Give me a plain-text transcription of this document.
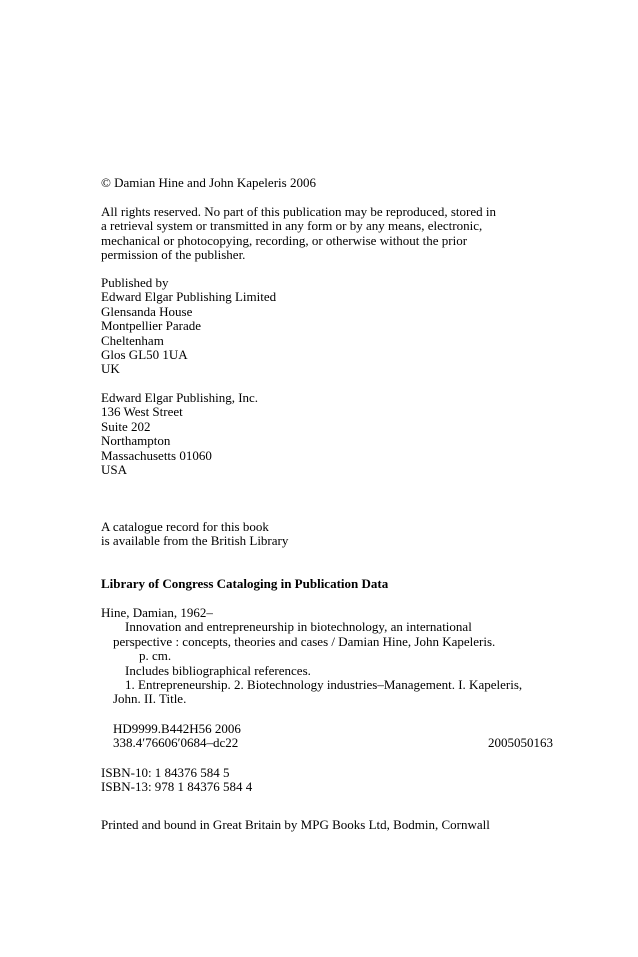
© Damian Hine and John Kapeleris 2006
All rights reserved. No part of this publication may be reproduced, stored in
a retrieval system or transmitted in any form or by any means, electronic,
mechanical or photocopying, recording, or otherwise without the prior
permission of the publisher.
Published by
Edward Elgar Publishing Limited
Glensanda House
Montpellier Parade
Cheltenham
Glos GL50 1UA
UK
Edward Elgar Publishing, Inc.
136 West Street
Suite 202
Northampton
Massachusetts 01060
USA
A catalogue record for this book
is available from the British Library
Library of Congress Cataloging in Publication Data
Hine, Damian, 1962–
Innovation and entrepreneurship in biotechnology, an international
perspective : concepts, theories and cases / Damian Hine, John Kapeleris.
p. cm.
Includes bibliographical references.
1. Entrepreneurship. 2. Biotechnology industries–Management. I. Kapeleris,
John. II. Title.
HD9999.B442H56 2006
338.4′76606′0684–dc22	2005050163
ISBN-10: 1 84376 584 5
ISBN-13: 978 1 84376 584 4
Printed and bound in Great Britain by MPG Books Ltd, Bodmin, Cornwall
